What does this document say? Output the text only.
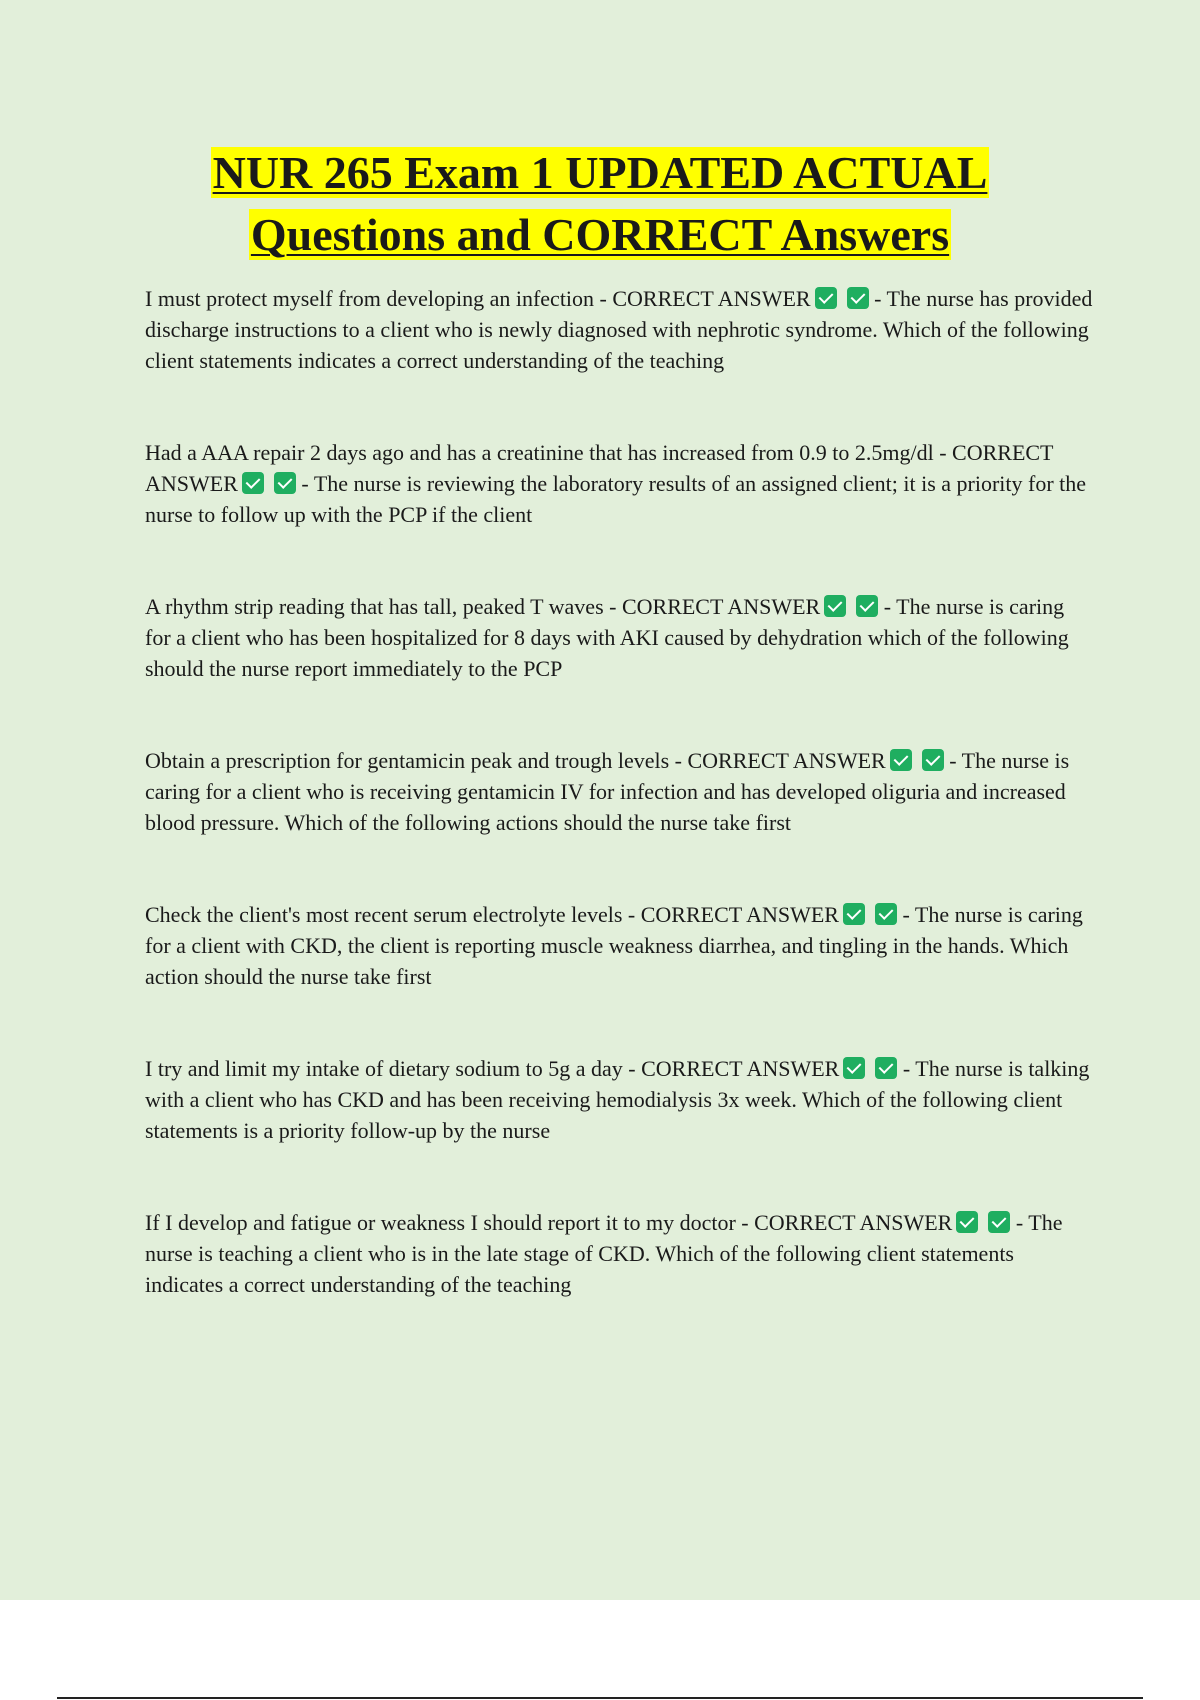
NUR 265 Exam 1 UPDATED ACTUAL
Questions and CORRECT Answers

I must protect myself from developing an infection - CORRECT ANSWER	- The nurse has provided discharge instructions to a client who is newly diagnosed with nephrotic syndrome. Which of the following client statements indicates a correct understanding of the teaching

Had a AAA repair 2 days ago and has a creatinine that has increased from 0.9 to 2.5mg/dl - CORRECT ANSWER	- The nurse is reviewing the laboratory results of an assigned client; it is a priority for the nurse to follow up with the PCP if the client

A rhythm strip reading that has tall, peaked T waves - CORRECT ANSWER	- The nurse is caring for a client who has been hospitalized for 8 days with AKI caused by dehydration which of the following should the nurse report immediately to the PCP

Obtain a prescription for gentamicin peak and trough levels - CORRECT ANSWER	- The nurse is caring for a client who is receiving gentamicin IV for infection and has developed oliguria and increased blood pressure. Which of the following actions should the nurse take first

Check the client's most recent serum electrolyte levels - CORRECT ANSWER	- The nurse is caring for a client with CKD, the client is reporting muscle weakness diarrhea, and tingling in the hands. Which action should the nurse take first

I try and limit my intake of dietary sodium to 5g a day - CORRECT ANSWER	- The nurse is talking with a client who has CKD and has been receiving hemodialysis 3x week. Which of the following client statements is a priority follow-up by the nurse

If I develop and fatigue or weakness I should report it to my doctor - CORRECT ANSWER	- The nurse is teaching a client who is in the late stage of CKD. Which of the following client statements indicates a correct understanding of the teaching
